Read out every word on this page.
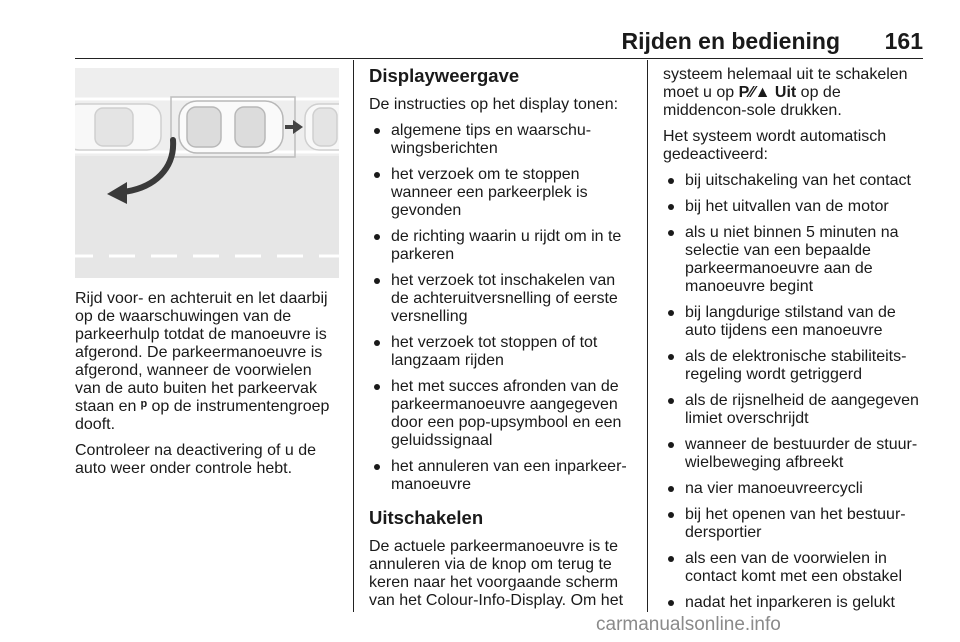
Rijden en bediening 161

Rijd voor- en achteruit en let daarbij op de waarschuwingen van de parkeerhulp totdat de manoeuvre is afgerond. De parkeermanoeuvre is afgerond, wanneer de voorwielen van de auto buiten het parkeervak staan en ᵖ op de instrumentengroep dooft.

Controleer na deactivering of u de auto weer onder controle hebt.

Displayweergave

De instructies op het display tonen:

algemene tips en waarschu-wingsberichten
het verzoek om te stoppen wanneer een parkeerplek is gevonden
de richting waarin u rijdt om in te parkeren
het verzoek tot inschakelen van de achteruitversnelling of eerste versnelling
het verzoek tot stoppen of tot langzaam rijden
het met succes afronden van de parkeermanoeuvre aangegeven door een pop-upsymbool en een geluidssignaal
het annuleren van een inparkeer-manoeuvre
Uitschakelen

De actuele parkeermanoeuvre is te annuleren via de knop om terug te keren naar het voorgaande scherm van het Colour-Info-Display. Om het

systeem helemaal uit te schakelen moet u op P⁄⁄▲ Uit op de middencon-sole drukken.

Het systeem wordt automatisch gedeactiveerd:

bij uitschakeling van het contact
bij het uitvallen van de motor
als u niet binnen 5 minuten na selectie van een bepaalde parkeermanoeuvre aan de manoeuvre begint
bij langdurige stilstand van de auto tijdens een manoeuvre
als de elektronische stabiliteits-regeling wordt getriggerd
als de rijsnelheid de aangegeven limiet overschrijdt
wanneer de bestuurder de stuur-wielbeweging afbreekt
na vier manoeuvreercycli
bij het openen van het bestuur-dersportier
als een van de voorwielen in contact komt met een obstakel
nadat het inparkeren is gelukt
carmanualsonline.info
